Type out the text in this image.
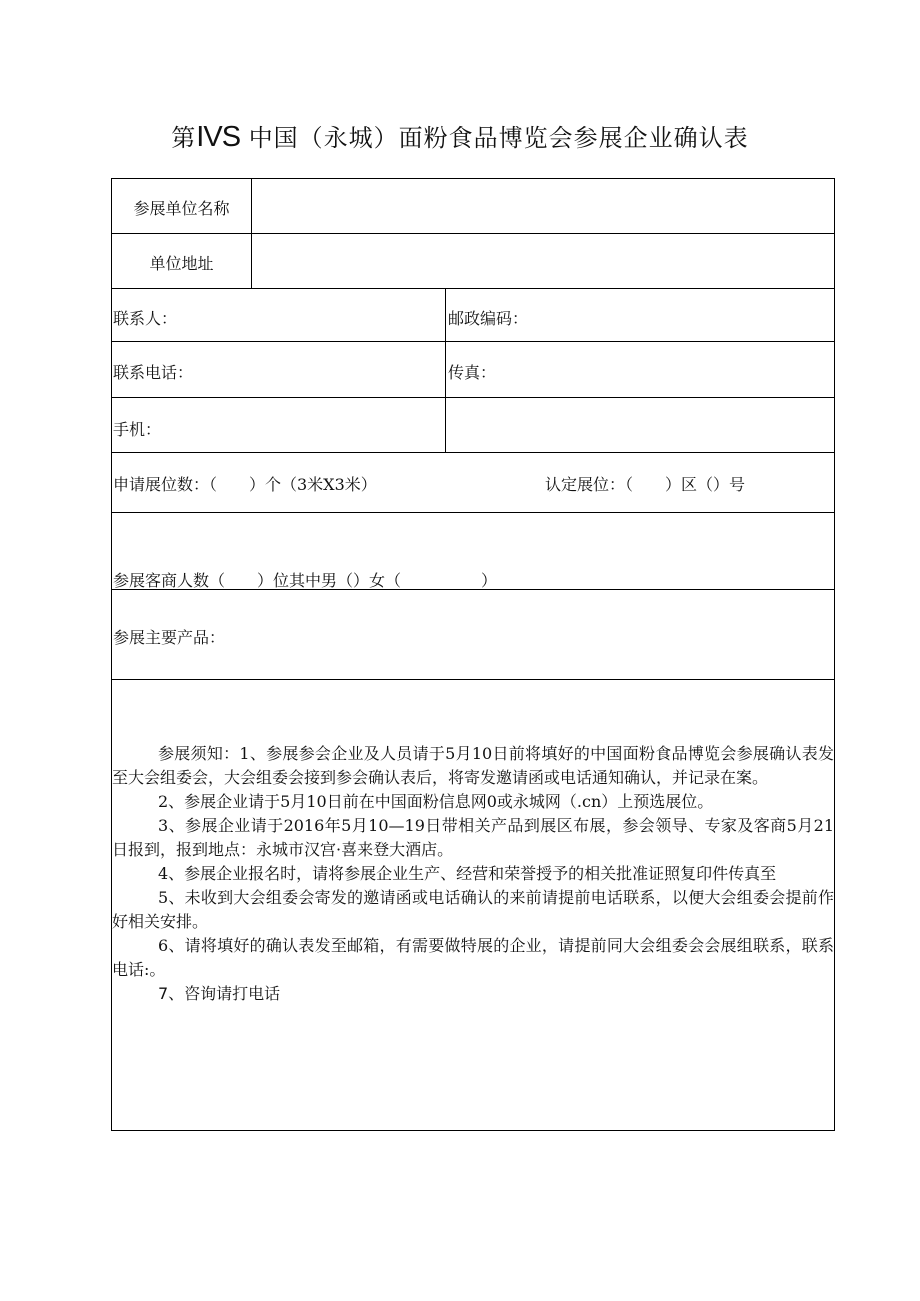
第IVS 中国（永城）面粉食品博览会参展企业确认表
参展单位名称
单位地址
联系人：	邮政编码：
联系电话：	传真：
手机：
申请展位数：（　　）个（3米X3米）	认定展位：（　　）区（）号
参展客商人数（　　）位其中男（）女（　　　　　）
参展主要产品：

参展须知：1、参展参会企业及人员请于5月10日前将填好的中国面粉食品博览会参展确认表发至大会组委会，大会组委会接到参会确认表后，将寄发邀请函或电话通知确认，并记录在案。

2、参展企业请于5月10日前在中国面粉信息网0或永城网（.cn）上预选展位。

3、参展企业请于2016年5月10—19日带相关产品到展区布展，参会领导、专家及客商5月21日报到，报到地点：永城市汉宫·喜来登大酒店。

4、参展企业报名时，请将参展企业生产、经营和荣誉授予的相关批准证照复印件传真至

5、未收到大会组委会寄发的邀请函或电话确认的来前请提前电话联系，以便大会组委会提前作好相关安排。

6、请将填好的确认表发至邮箱，有需要做特展的企业，请提前同大会组委会会展组联系，联系电话:。

7、咨询请打电话
